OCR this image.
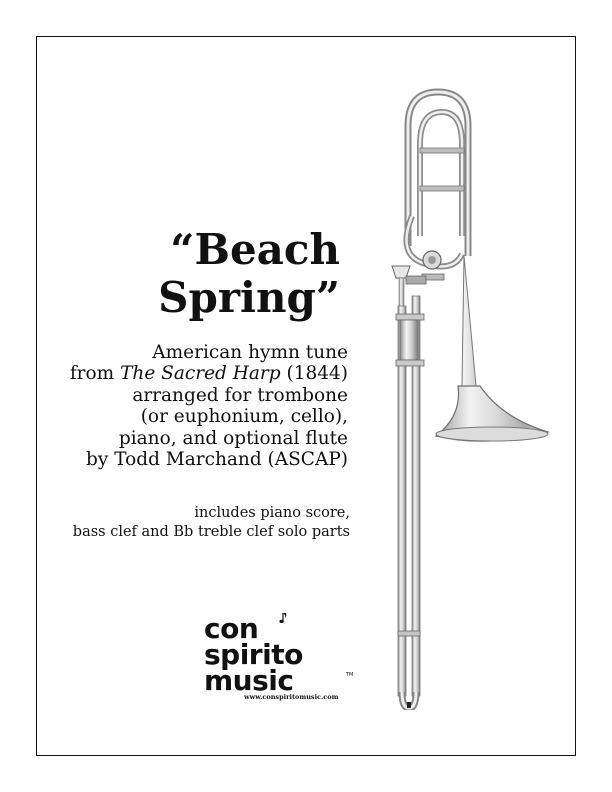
“Beach
Spring”
American hymn tune
from The Sacred Harp (1844)
arranged for trombone
(or euphonium, cello),
piano, and optional flute
by Todd Marchand (ASCAP)
includes piano score,
bass clef and Bb treble clef solo parts
con
spirito
music	TM
www.conspiritomusic.com
